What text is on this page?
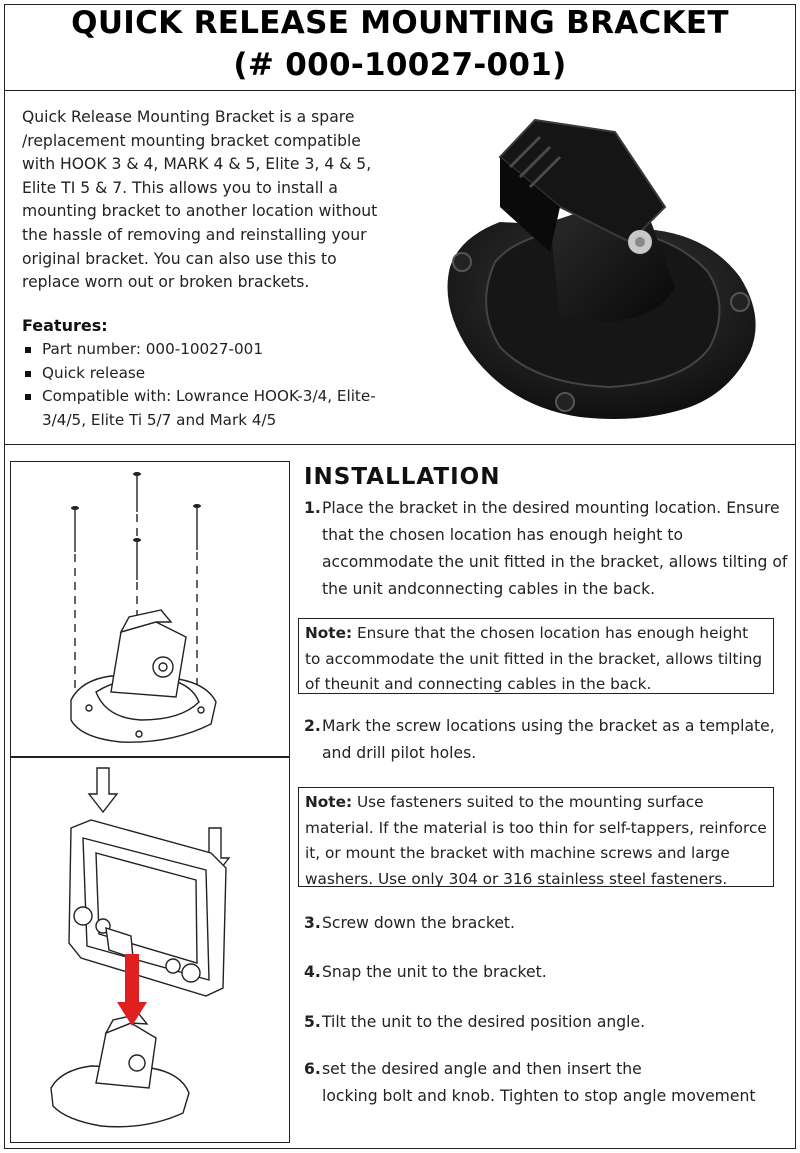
QUICK RELEASE MOUNTING BRACKET
(# 000-10027-001)

Quick Release Mounting Bracket is a spare /replacement mounting bracket compatible with HOOK 3 & 4, MARK 4 & 5, Elite 3, 4 & 5, Elite TI 5 & 7. This allows you to install a mounting bracket to another location without the hassle of removing and reinstalling your original bracket. You can also use this to replace worn out or broken brackets.

Features:
Part number: 000-10027-001
Quick release
Compatible with: Lowrance HOOK-3/4, Elite-3/4/5, Elite Ti 5/7 and Mark 4/5
INSTALLATION
1.Place the bracket in the desired mounting location. Ensure
that the chosen location has enough height to accommodate the unit fitted in the bracket, allows tilting of the unit andconnecting cables in the back.
Note: Ensure that the chosen location has enough height to accommodate the unit fitted in the bracket, allows tilting of theunit and connecting cables in the back.
2.Mark the screw locations using the bracket as a template,
and drill pilot holes.
Note: Use fasteners suited to the mounting surface material. If the material is too thin for self-tappers, reinforce it, or mount the bracket with machine screws and large washers. Use only 304 or 316 stainless steel fasteners.
3.Screw down the bracket.
4.Snap the unit to the bracket.
5.Tilt the unit to the desired position angle.
6.set the desired angle and then insert the
locking bolt and knob. Tighten to stop angle movement
